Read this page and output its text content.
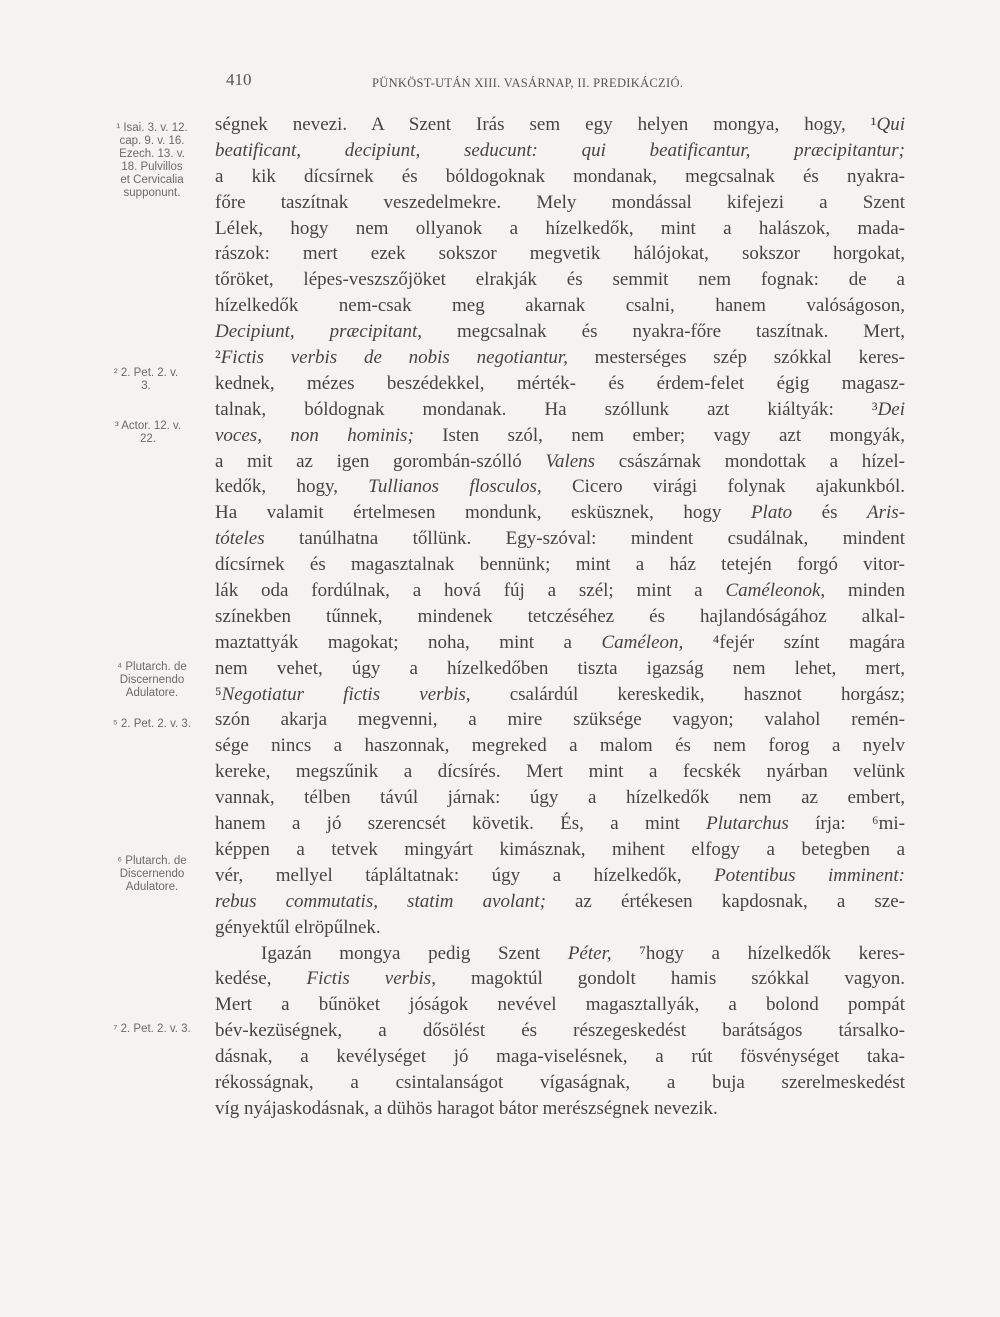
410	PÜNKÖST-UTÁN XIII. VASÁRNAP, II. PREDIKÁCZIÓ.
¹ Isai. 3. v. 12.
cap. 9. v. 16.
Ezech. 13. v.
18. Pulvillos
et Cervicalia
supponunt.
² 2. Pet. 2. v.
3.
³ Actor. 12. v.
22.
⁴ Plutarch. de
Discernendo
Adulatore.
⁵ 2. Pet. 2. v. 3.
⁶ Plutarch. de
Discernendo
Adulatore.
⁷ 2. Pet. 2. v. 3.
ségnek nevezi. A Szent Irás sem egy helyen mongya, hogy, ¹Qui
beatificant, decipiunt, seducunt: qui beatificantur, præcipitantur;
a kik dícsírnek és bóldogoknak mondanak, megcsalnak és nyakra-
főre taszítnak veszedelmekre. Mely mondással kifejezi a Szent
Lélek, hogy nem ollyanok a hízelkedők, mint a halászok, mada-
rászok: mert ezek sokszor megvetik hálójokat, sokszor horgokat,
tőröket, lépes-veszszőjöket elrakják és semmit nem fognak: de a
hízelkedők nem-csak meg akarnak csalni, hanem valóságoson,
Decipiunt, præcipitant, megcsalnak és nyakra-főre taszítnak. Mert,
²Fictis verbis de nobis negotiantur, mesterséges szép szókkal keres-
kednek, mézes beszédekkel, mérték- és érdem-felet égig magasz-
talnak, bóldognak mondanak. Ha szóllunk azt kiáltyák: ³Dei
voces, non hominis; Isten szól, nem ember; vagy azt mongyák,
a mit az igen gorombán-szólló Valens császárnak mondottak a hízel-
kedők, hogy, Tullianos flosculos, Cicero virági folynak ajakunkból.
Ha valamit értelmesen mondunk, esküsznek, hogy Plato és Aris-
tóteles tanúlhatna tőllünk. Egy-szóval: mindent csudálnak, mindent
dícsírnek és magasztalnak bennünk; mint a ház tetején forgó vitor-
lák oda fordúlnak, a hová fúj a szél; mint a Caméleonok, minden
színekben tűnnek, mindenek tetczéséhez és hajlandóságához alkal-
maztattyák magokat; noha, mint a Caméleon, ⁴fejér színt magára
nem vehet, úgy a hízelkedőben tiszta igazság nem lehet, mert,
⁵Negotiatur fictis verbis, csalárdúl kereskedik, hasznot horgász;
szón akarja megvenni, a mire szüksége vagyon; valahol remén-
sége nincs a haszonnak, megreked a malom és nem forog a nyelv
kereke, megszűnik a dícsírés. Mert mint a fecskék nyárban velünk
vannak, télben távúl járnak: úgy a hízelkedők nem az embert,
hanem a jó szerencsét követik. És, a mint Plutarchus írja: ⁶mi-
képpen a tetvek mingyárt kimásznak, mihent elfogy a betegben a
vér, mellyel tápláltatnak: úgy a hízelkedők, Potentibus imminent:
rebus commutatis, statim avolant; az értékesen kapdosnak, a sze-
gényektűl elröpűlnek.
Igazán mongya pedig Szent Péter, ⁷hogy a hízelkedők keres-
kedése, Fictis verbis, magoktúl gondolt hamis szókkal vagyon.
Mert a bűnöket jóságok nevével magasztallyák, a bolond pompát
bév-kezüségnek, a dősölést és részegeskedést barátságos társalko-
dásnak, a kevélységet jó maga-viselésnek, a rút fösvénységet taka-
rékosságnak, a csintalanságot vígaságnak, a buja szerelmeskedést
víg nyájaskodásnak, a dühös haragot bátor merészségnek nevezik.
